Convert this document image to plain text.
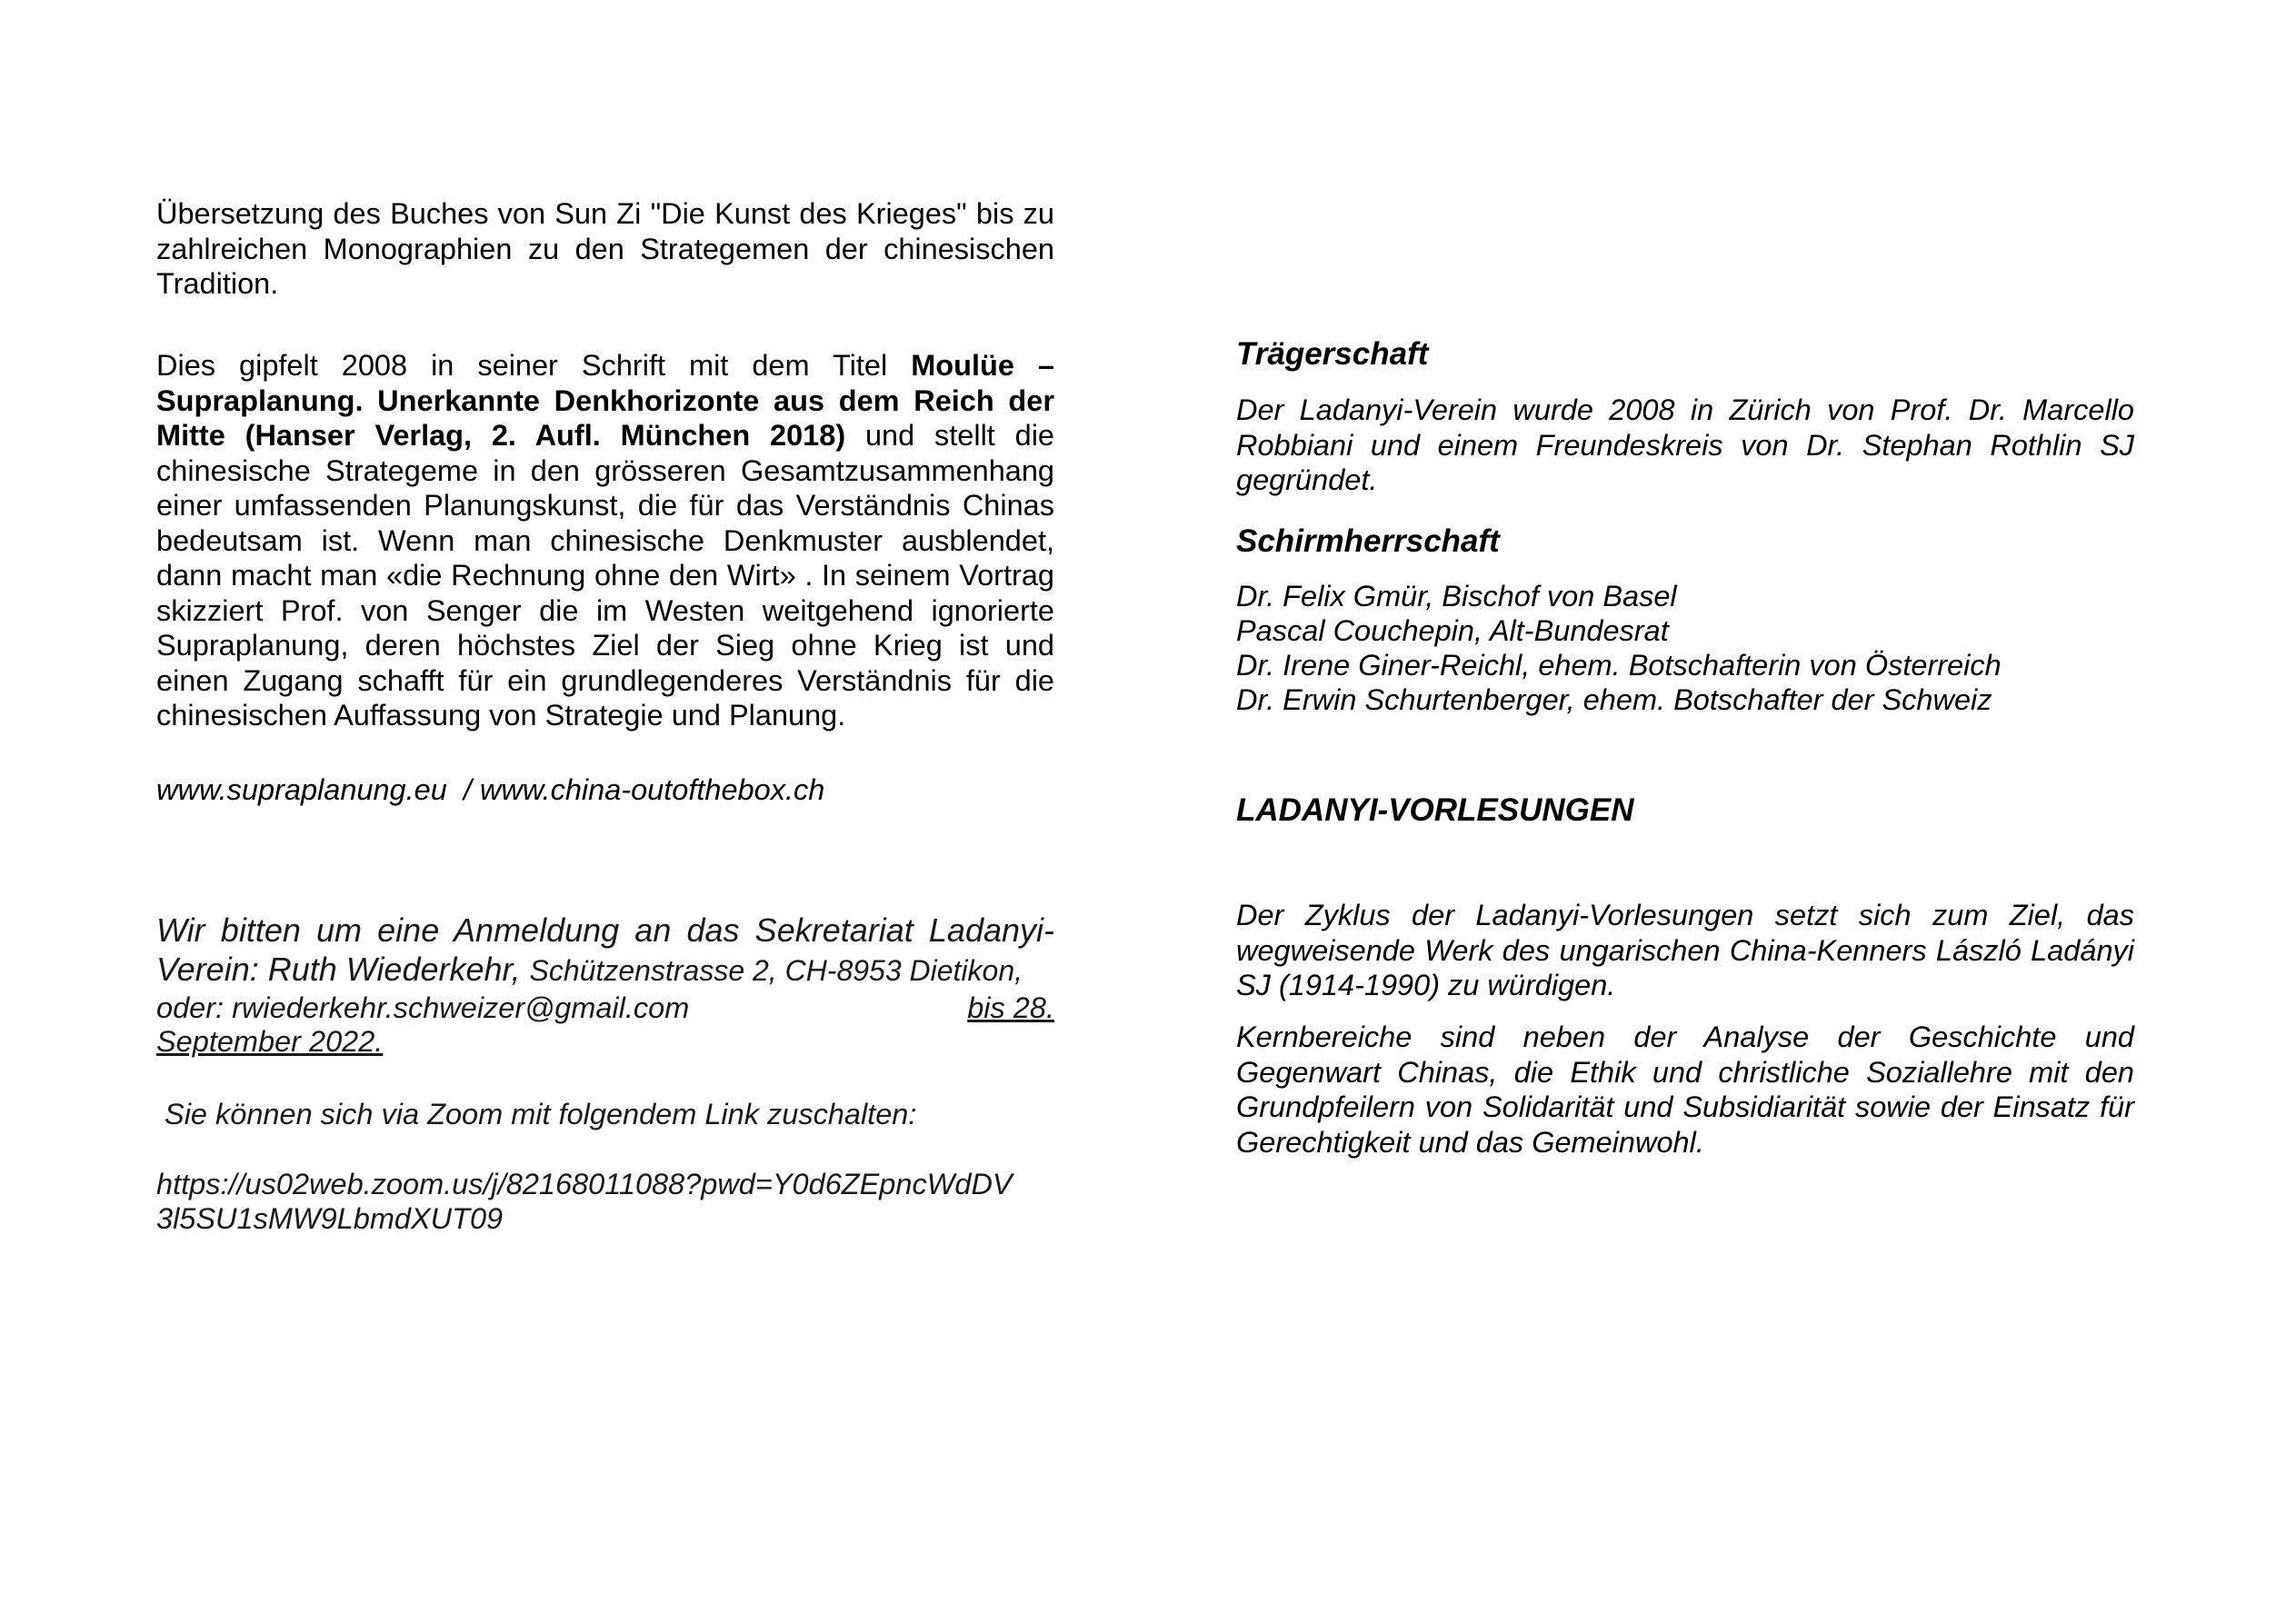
Übersetzung des Buches von Sun Zi "Die Kunst des Krieges" bis zu zahlreichen Monographien zu den Strategemen der chinesischen Tradition.

Dies gipfelt 2008 in seiner Schrift mit dem Titel Moulüe – Supraplanung. Unerkannte Denkhorizonte aus dem Reich der Mitte (Hanser Verlag, 2. Aufl. München 2018) und stellt die chinesische Strategeme in den grösseren Gesamtzusammenhang einer umfassenden Planungskunst, die für das Verständnis Chinas bedeutsam ist. Wenn man chinesische Denkmuster ausblendet, dann macht man «die Rechnung ohne den Wirt» . In seinem Vortrag skizziert Prof. von Senger die im Westen weitgehend ignorierte Supraplanung, deren höchstes Ziel der Sieg ohne Krieg ist und einen Zugang schafft für ein grundlegenderes Verständnis für die chinesischen Auffassung von Strategie und Planung.

www.supraplanung.eu  / www.china-outofthebox.ch

Wir bitten um eine Anmeldung an das Sekretariat Ladanyi-
Verein: Ruth Wiederkehr, Schützenstrasse 2, CH-8953 Dietikon,
oder: rwiederkehr.schweizer@gmail.com	bis 28.
September 2022.

Sie können sich via Zoom mit folgendem Link zuschalten:

https://us02web.zoom.us/j/82168011088?pwd=Y0d6ZEpncWdDV
3l5SU1sMW9LbmdXUT09
Trägerschaft

Der Ladanyi-Verein wurde 2008 in Zürich von Prof. Dr. Marcello Robbiani und einem Freundeskreis von Dr. Stephan Rothlin SJ gegründet.

Schirmherrschaft
Dr. Felix Gmür, Bischof von Basel
Pascal Couchepin, Alt-Bundesrat
Dr. Irene Giner-Reichl, ehem. Botschafterin von Österreich
Dr. Erwin Schurtenberger, ehem. Botschafter der Schweiz
LADANYI-VORLESUNGEN

Der Zyklus der Ladanyi-Vorlesungen setzt sich zum Ziel, das wegweisende Werk des ungarischen China-Kenners László Ladányi SJ (1914-1990) zu würdigen.

Kernbereiche sind neben der Analyse der Geschichte und Gegenwart Chinas, die Ethik und christliche Soziallehre mit den Grundpfeilern von Solidarität und Subsidiarität sowie der Einsatz für Gerechtigkeit und das Gemeinwohl.
